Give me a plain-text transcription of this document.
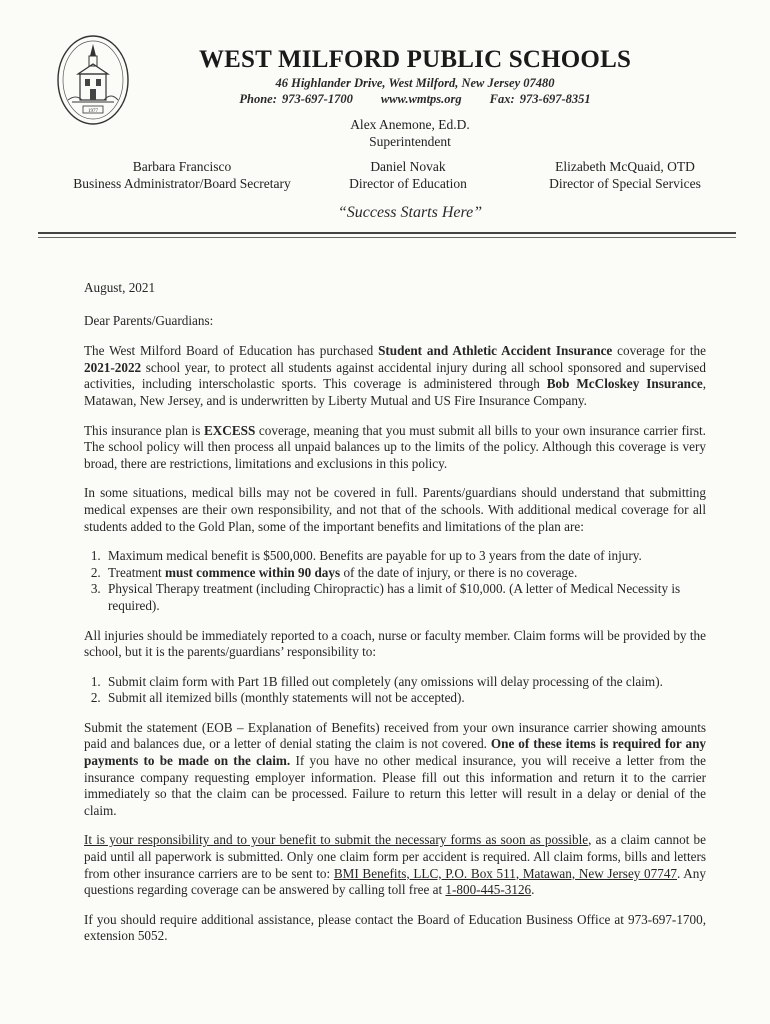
1977
WEST MILFORD PUBLIC SCHOOLS
46 Highlander Drive, West Milford, New Jersey 07480
Phone: 973-697-1700 www.wmtps.org Fax: 973-697-8351
Alex Anemone, Ed.D.
Superintendent
Barbara Francisco
Business Administrator/Board Secretary
Daniel Novak
Director of Education
Elizabeth McQuaid, OTD
Director of Special Services
“Success Starts Here”

August, 2021

Dear Parents/Guardians:

The West Milford Board of Education has purchased Student and Athletic Accident Insurance coverage for the 2021-2022 school year, to protect all students against accidental injury during all school sponsored and supervised activities, including interscholastic sports. This coverage is administered through Bob McCloskey Insurance, Matawan, New Jersey, and is underwritten by Liberty Mutual and US Fire Insurance Company.

This insurance plan is EXCESS coverage, meaning that you must submit all bills to your own insurance carrier first. The school policy will then process all unpaid balances up to the limits of the policy. Although this coverage is very broad, there are restrictions, limitations and exclusions in this policy.

In some situations, medical bills may not be covered in full. Parents/guardians should understand that submitting medical expenses are their own responsibility, and not that of the schools. With additional medical coverage for all students added to the Gold Plan, some of the important benefits and limitations of the plan are:

1. Maximum medical benefit is $500,000. Benefits are payable for up to 3 years from the date of injury.
2. Treatment must commence within 90 days of the date of injury, or there is no coverage.
3. Physical Therapy treatment (including Chiropractic) has a limit of $10,000. (A letter of Medical Necessity is required).

All injuries should be immediately reported to a coach, nurse or faculty member. Claim forms will be provided by the school, but it is the parents/guardians’ responsibility to:

1. Submit claim form with Part 1B filled out completely (any omissions will delay processing of the claim).
2. Submit all itemized bills (monthly statements will not be accepted).

Submit the statement (EOB – Explanation of Benefits) received from your own insurance carrier showing amounts paid and balances due, or a letter of denial stating the claim is not covered. One of these items is required for any payments to be made on the claim. If you have no other medical insurance, you will receive a letter from the insurance company requesting employer information. Please fill out this information and return it to the carrier immediately so that the claim can be processed. Failure to return this letter will result in a delay or denial of the claim.

It is your responsibility and to your benefit to submit the necessary forms as soon as possible, as a claim cannot be paid until all paperwork is submitted. Only one claim form per accident is required. All claim forms, bills and letters from other insurance carriers are to be sent to: BMI Benefits, LLC, P.O. Box 511, Matawan, New Jersey 07747. Any questions regarding coverage can be answered by calling toll free at 1-800-445-3126.

If you should require additional assistance, please contact the Board of Education Business Office at 973-697-1700, extension 5052.
